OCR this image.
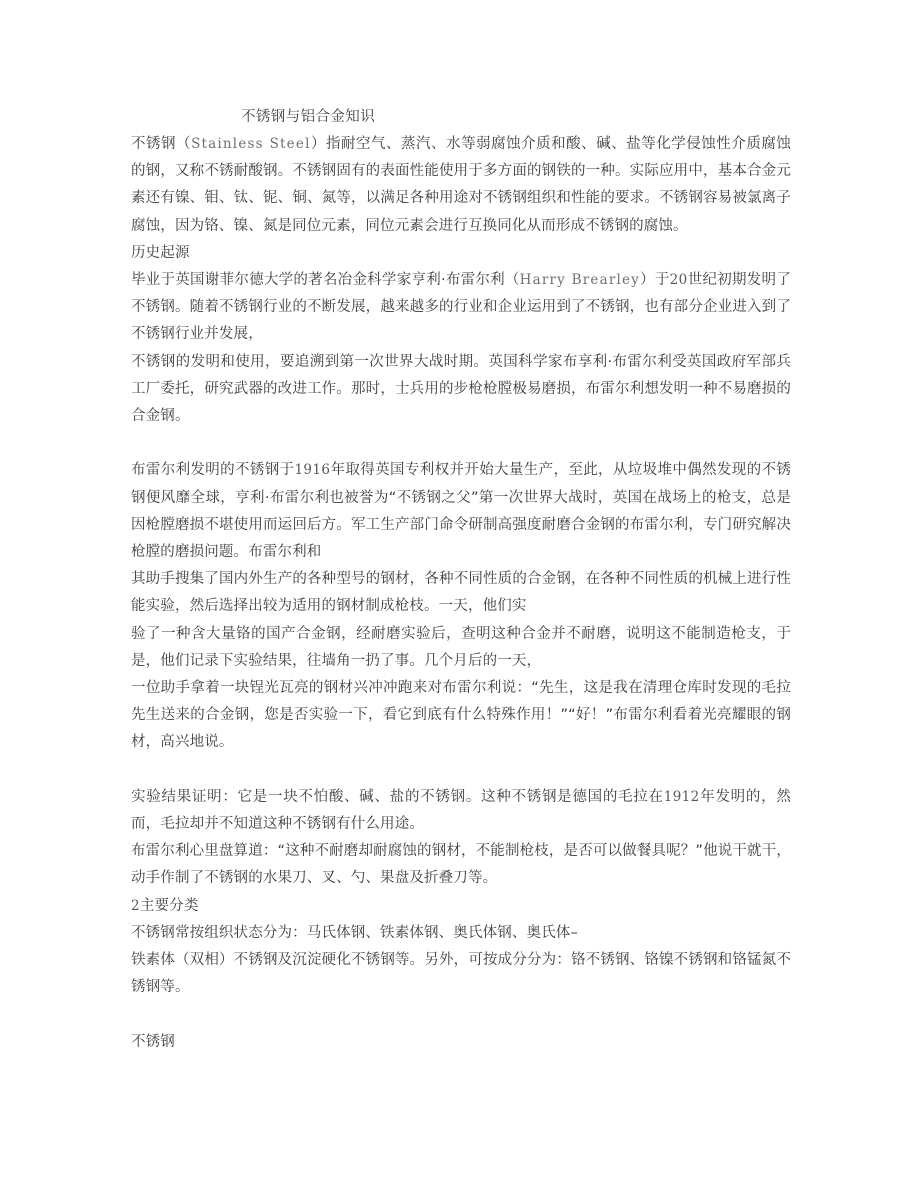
不锈钢与铝合金知识

不锈钢（Stainless Steel）指耐空气、蒸汽、水等弱腐蚀介质和酸、碱、盐等化学侵蚀性介质腐蚀的钢，又称不锈耐酸钢。不锈钢固有的表面性能使用于多方面的钢铁的一种。实际应用中，基本合金元素还有镍、钼、钛、铌、铜、氮等，以满足各种用途对不锈钢组织和性能的要求。不锈钢容易被氯离子腐蚀，因为铬、镍、氮是同位元素，同位元素会进行互换同化从而形成不锈钢的腐蚀。

历史起源

毕业于英国谢菲尔德大学的著名冶金科学家亨利·布雷尔利（Harry Brearley）于20世纪初期发明了不锈钢。随着不锈钢行业的不断发展，越来越多的行业和企业运用到了不锈钢，也有部分企业进入到了不锈钢行业并发展，

不锈钢的发明和使用，要追溯到第一次世界大战时期。英国科学家布享利·布雷尔利受英国政府军部兵工厂委托，研究武器的改进工作。那时，士兵用的步枪枪膛极易磨损，布雷尔利想发明一种不易磨损的合金钢。

布雷尔利发明的不锈钢于1916年取得英国专利权并开始大量生产，至此，从垃圾堆中偶然发现的不锈钢便风靡全球，亨利·布雷尔利也被誉为“不锈钢之父”第一次世界大战时，英国在战场上的枪支，总是因枪膛磨损不堪使用而运回后方。军工生产部门命令研制高强度耐磨合金钢的布雷尔利，专门研究解决枪膛的磨损问题。布雷尔利和

其助手搜集了国内外生产的各种型号的钢材，各种不同性质的合金钢，在各种不同性质的机械上进行性能实验，然后选择出较为适用的钢材制成枪枝。一天，他们实

验了一种含大量铬的国产合金钢，经耐磨实验后，查明这种合金并不耐磨，说明这不能制造枪支，于是，他们记录下实验结果，往墙角一扔了事。几个月后的一天，

一位助手拿着一块锃光瓦亮的钢材兴冲冲跑来对布雷尔利说：“先生，这是我在清理仓库时发现的毛拉先生送来的合金钢，您是否实验一下，看它到底有什么特殊作用！”“好！”布雷尔利看着光亮耀眼的钢材，高兴地说。

实验结果证明：它是一块不怕酸、碱、盐的不锈钢。这种不锈钢是德国的毛拉在1912年发明的，然而，毛拉却并不知道这种不锈钢有什么用途。

布雷尔利心里盘算道：“这种不耐磨却耐腐蚀的钢材，不能制枪枝，是否可以做餐具呢？”他说干就干，动手作制了不锈钢的水果刀、叉、勺、果盘及折叠刀等。

2主要分类

不锈钢常按组织状态分为：马氏体钢、铁素体钢、奥氏体钢、奥氏体–

铁素体（双相）不锈钢及沉淀硬化不锈钢等。另外，可按成分分为：铬不锈钢、铬镍不锈钢和铬锰氮不锈钢等。

不锈钢
